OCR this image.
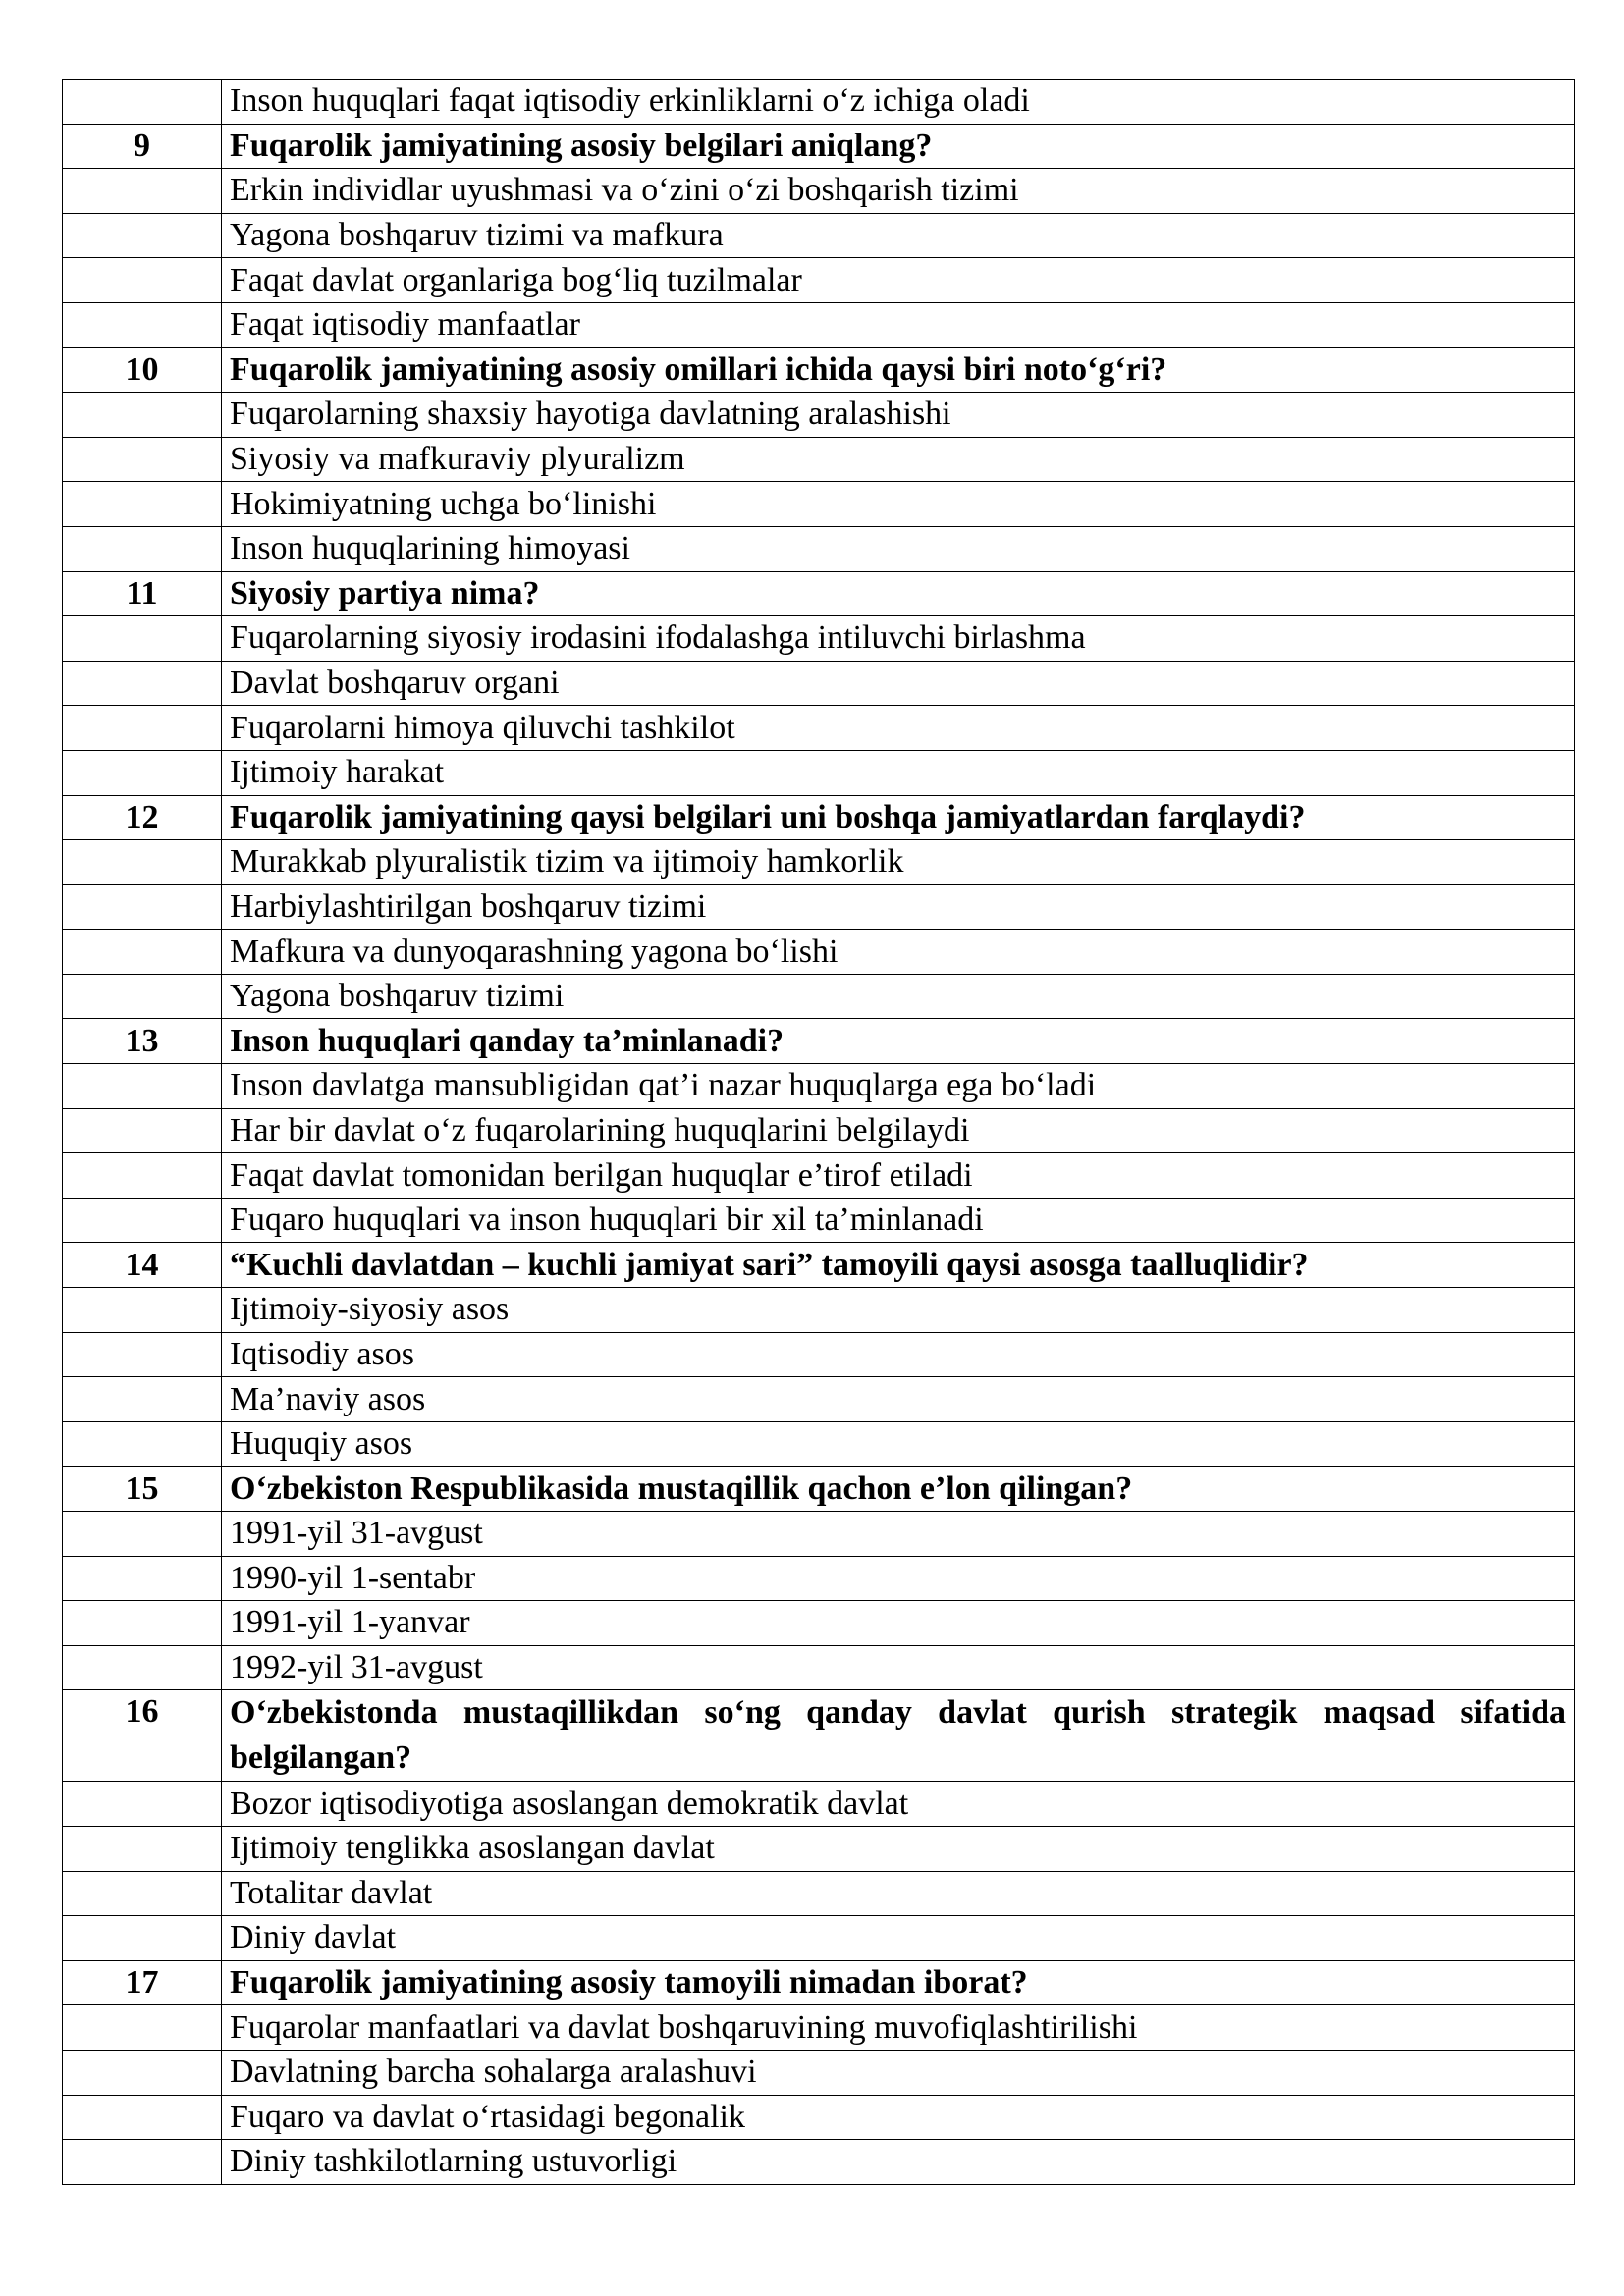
	Inson huquqlari faqat iqtisodiy erkinliklarni o‘z ichiga oladi
9	Fuqarolik jamiyatining asosiy belgilari aniqlang?
	Erkin individlar uyushmasi va o‘zini o‘zi boshqarish tizimi
	Yagona boshqaruv tizimi va mafkura
	Faqat davlat organlariga bog‘liq tuzilmalar
	Faqat iqtisodiy manfaatlar
10	Fuqarolik jamiyatining asosiy omillari ichida qaysi biri noto‘g‘ri?
	Fuqarolarning shaxsiy hayotiga davlatning aralashishi
	Siyosiy va mafkuraviy plyuralizm
	Hokimiyatning uchga bo‘linishi
	Inson huquqlarining himoyasi
11	Siyosiy partiya nima?
	Fuqarolarning siyosiy irodasini ifodalashga intiluvchi birlashma
	Davlat boshqaruv organi
	Fuqarolarni himoya qiluvchi tashkilot
	Ijtimoiy harakat
12	Fuqarolik jamiyatining qaysi belgilari uni boshqa jamiyatlardan farqlaydi?
	Murakkab plyuralistik tizim va ijtimoiy hamkorlik
	Harbiylashtirilgan boshqaruv tizimi
	Mafkura va dunyoqarashning yagona bo‘lishi
	Yagona boshqaruv tizimi
13	Inson huquqlari qanday ta’minlanadi?
	Inson davlatga mansubligidan qat’i nazar huquqlarga ega bo‘ladi
	Har bir davlat o‘z fuqarolarining huquqlarini belgilaydi
	Faqat davlat tomonidan berilgan huquqlar e’tirof etiladi
	Fuqaro huquqlari va inson huquqlari bir xil ta’minlanadi
14	“Kuchli davlatdan – kuchli jamiyat sari” tamoyili qaysi asosga taalluqlidir?
	Ijtimoiy-siyosiy asos
	Iqtisodiy asos
	Ma’naviy asos
	Huquqiy asos
15	O‘zbekiston Respublikasida mustaqillik qachon e’lon qilingan?
	1991-yil 31-avgust
	1990-yil 1-sentabr
	1991-yil 1-yanvar
	1992-yil 31-avgust
16	O‘zbekistonda mustaqillikdan so‘ng qanday davlat qurish strategik maqsad sifatida belgilangan?
	Bozor iqtisodiyotiga asoslangan demokratik davlat
	Ijtimoiy tenglikka asoslangan davlat
	Totalitar davlat
	Diniy davlat
17	Fuqarolik jamiyatining asosiy tamoyili nimadan iborat?
	Fuqarolar manfaatlari va davlat boshqaruvining muvofiqlashtirilishi
	Davlatning barcha sohalarga aralashuvi
	Fuqaro va davlat o‘rtasidagi begonalik
	Diniy tashkilotlarning ustuvorligi
